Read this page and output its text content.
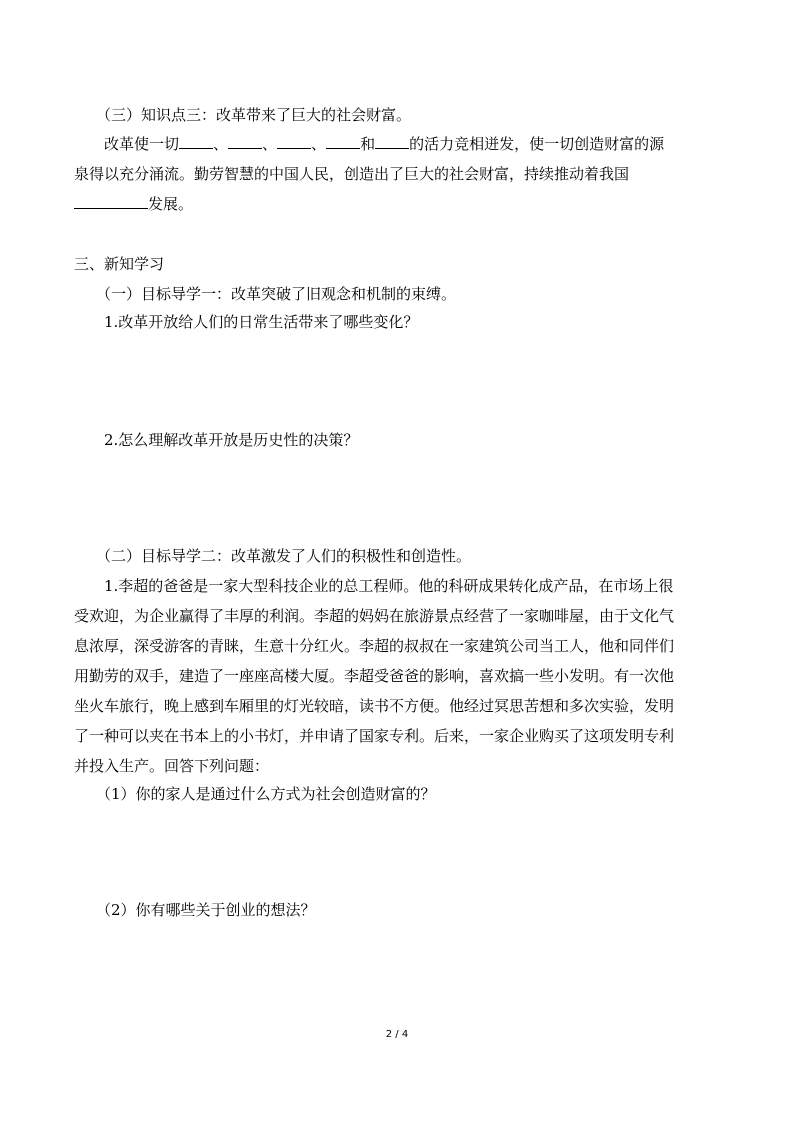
（三）知识点三：改革带来了巨大的社会财富。
改革使一切 、 、 、 和 的活力竞相迸发，使一切创造财富的源
泉得以充分涌流。勤劳智慧的中国人民，创造出了巨大的社会财富，持续推动着我国
发展。
三、新知学习
（一）目标导学一：改革突破了旧观念和机制的束缚。
1.改革开放给人们的日常生活带来了哪些变化？
2.怎么理解改革开放是历史性的决策？
（二）目标导学二：改革激发了人们的积极性和创造性。
1.李超的爸爸是一家大型科技企业的总工程师。他的科研成果转化成产品，在市场上很
受欢迎，为企业赢得了丰厚的利润。李超的妈妈在旅游景点经营了一家咖啡屋，由于文化气
息浓厚，深受游客的青睐，生意十分红火。李超的叔叔在一家建筑公司当工人，他和同伴们
用勤劳的双手，建造了一座座高楼大厦。李超受爸爸的影响，喜欢搞一些小发明。有一次他
坐火车旅行，晚上感到车厢里的灯光较暗，读书不方便。他经过冥思苦想和多次实验，发明
了一种可以夹在书本上的小书灯，并申请了国家专利。后来，一家企业购买了这项发明专利
并投入生产。回答下列问题：
（1）你的家人是通过什么方式为社会创造财富的？
（2）你有哪些关于创业的想法？
2 / 4
